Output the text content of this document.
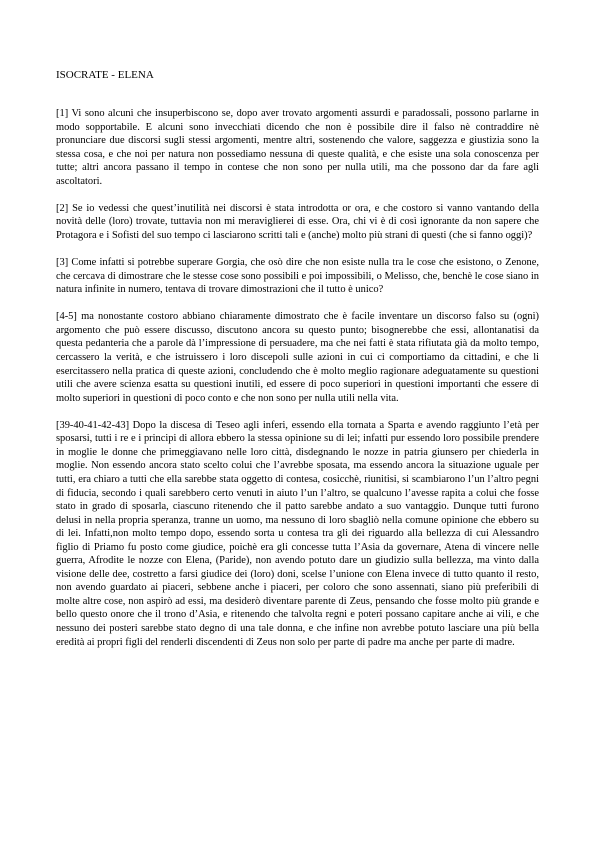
ISOCRATE - ELENA

[1] Vi sono alcuni che insuperbiscono se, dopo aver trovato argomenti assurdi e paradossali, possono parlarne in modo sopportabile. E alcuni sono invecchiati dicendo che non è possibile dire il falso nè contraddire nè pronunciare due discorsi sugli stessi argomenti, mentre altri, sostenendo che valore, saggezza e giustizia sono la stessa cosa, e che noi per natura non possediamo nessuna di queste qualità, e che esiste una sola conoscenza per tutte; altri ancora passano il tempo in contese che non sono per nulla utili, ma che possono dar da fare agli ascoltatori.

[2] Se io vedessi che quest’inutilità nei discorsi è stata introdotta or ora, e che costoro si vanno vantando della novità delle (loro) trovate, tuttavia non mi meraviglierei di esse. Ora, chi vi è di così ignorante da non sapere che Protagora e i Sofisti del suo tempo ci lasciarono scritti tali e (anche) molto più strani di questi (che si fanno oggi)?

[3] Come infatti si potrebbe superare Gorgia, che osò dire che non esiste nulla tra le cose che esistono, o Zenone, che cercava di dimostrare che le stesse cose sono possibili e poi impossibili, o Melisso, che, benchè le cose siano in natura infinite in numero, tentava di trovare dimostrazioni che il tutto è unico?

[4-5] ma nonostante costoro abbiano chiaramente dimostrato che è facile inventare un discorso falso su (ogni) argomento che può essere discusso, discutono ancora su questo punto; bisognerebbe che essi, allontanatisi da questa pedanteria che a parole dà l’impressione di persuadere, ma che nei fatti è stata rifiutata già da molto tempo, cercassero la verità, e che istruissero i loro discepoli sulle azioni in cui ci comportiamo da cittadini, e che li esercitassero nella pratica di queste azioni, concludendo che è molto meglio ragionare adeguatamente su questioni utili che avere scienza esatta su questioni inutili, ed essere di poco superiori in questioni importanti che essere di molto superiori in questioni di poco conto e che non sono per nulla utili nella vita.

[39-40-41-42-43] Dopo la discesa di Teseo agli inferi, essendo ella tornata a Sparta e avendo raggiunto l’età per sposarsi, tutti i re e i principi di allora ebbero la stessa opinione su di lei; infatti pur essendo loro possibile prendere in moglie le donne che primeggiavano nelle loro città, disdegnando le nozze in patria giunsero per chiederla in moglie. Non essendo ancora stato scelto colui che l’avrebbe sposata, ma essendo ancora la situazione uguale per tutti, era chiaro a tutti che ella sarebbe stata oggetto di contesa, cosicchè, riunitisi, si scambiarono l’un l’altro pegni di fiducia, secondo i quali sarebbero certo venuti in aiuto l’un l’altro, se qualcuno l’avesse rapita a colui che fosse stato in grado di sposarla, ciascuno ritenendo che il patto sarebbe andato a suo vantaggio. Dunque tutti furono delusi in nella propria speranza, tranne un uomo, ma nessuno di loro sbagliò nella comune opinione che ebbero su di lei. Infatti,non molto tempo dopo, essendo sorta u contesa tra gli dei riguardo alla bellezza di cui Alessandro figlio di Priamo fu posto come giudice, poichè era gli concesse tutta l’Asia da governare, Atena di vincere nelle guerra, Afrodite le nozze con Elena, (Paride), non avendo potuto dare un giudizio sulla bellezza, ma vinto dalla visione delle dee, costretto a farsi giudice dei (loro) doni, scelse l’unione con Elena invece di tutto quanto il resto, non avendo guardato ai piaceri, sebbene anche i piaceri, per coloro che sono assennati, siano più preferibili di molte altre cose, non aspirò ad essi, ma desiderò diventare parente di Zeus, pensando che fosse molto più grande e bello questo onore che il trono d’Asia, e ritenendo che talvolta regni e poteri possano capitare anche ai vili, e che nessuno dei posteri sarebbe stato degno di una tale donna, e che infine non avrebbe potuto lasciare una più bella eredità ai propri figli del renderli discendenti di Zeus non solo per parte di padre ma anche per parte di madre.
